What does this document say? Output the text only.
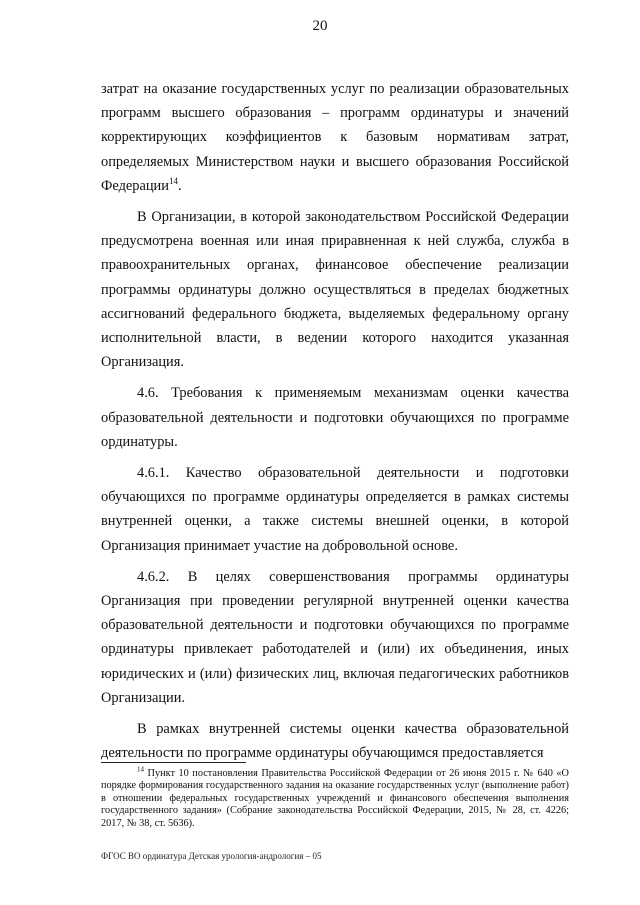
20

затрат на оказание государственных услуг по реализации образовательных программ высшего образования – программ ординатуры и значений корректирующих коэффициентов к базовым нормативам затрат, определяемых Министерством науки и высшего образования Российской Федерации$^{14}$.

В Организации, в которой законодательством Российской Федерации предусмотрена военная или иная приравненная к ней служба, служба в правоохранительных органах, финансовое обеспечение реализации программы ординатуры должно осуществляться в пределах бюджетных ассигнований федерального бюджета, выделяемых федеральному органу исполнительной власти, в ведении которого находится указанная Организация.

4.6. Требования к применяемым механизмам оценки качества образовательной деятельности и подготовки обучающихся по программе ординатуры.

4.6.1. Качество образовательной деятельности и подготовки обучающихся по программе ординатуры определяется в рамках системы внутренней оценки, а также системы внешней оценки, в которой Организация принимает участие на добровольной основе.

4.6.2. В целях совершенствования программы ординатуры Организация при проведении регулярной внутренней оценки качества образовательной деятельности и подготовки обучающихся по программе ординатуры привлекает работодателей и (или) их объединения, иных юридических и (или) физических лиц, включая педагогических работников Организации.

В рамках внутренней системы оценки качества образовательной деятельности по программе ординатуры обучающимся предоставляется

$^{14}$ Пункт 10 постановления Правительства Российской Федерации от 26 июня 2015 г. № 640 «О порядке формирования государственного задания на оказание государственных услуг (выполнение работ) в отношении федеральных государственных учреждений и финансового обеспечения выполнения государственного задания» (Собрание законодательства Российской Федерации, 2015, № 28, ст. 4226; 2017, № 38, ст. 5636).

ФГОС ВО ординатура Детская урология-андрология – 05
